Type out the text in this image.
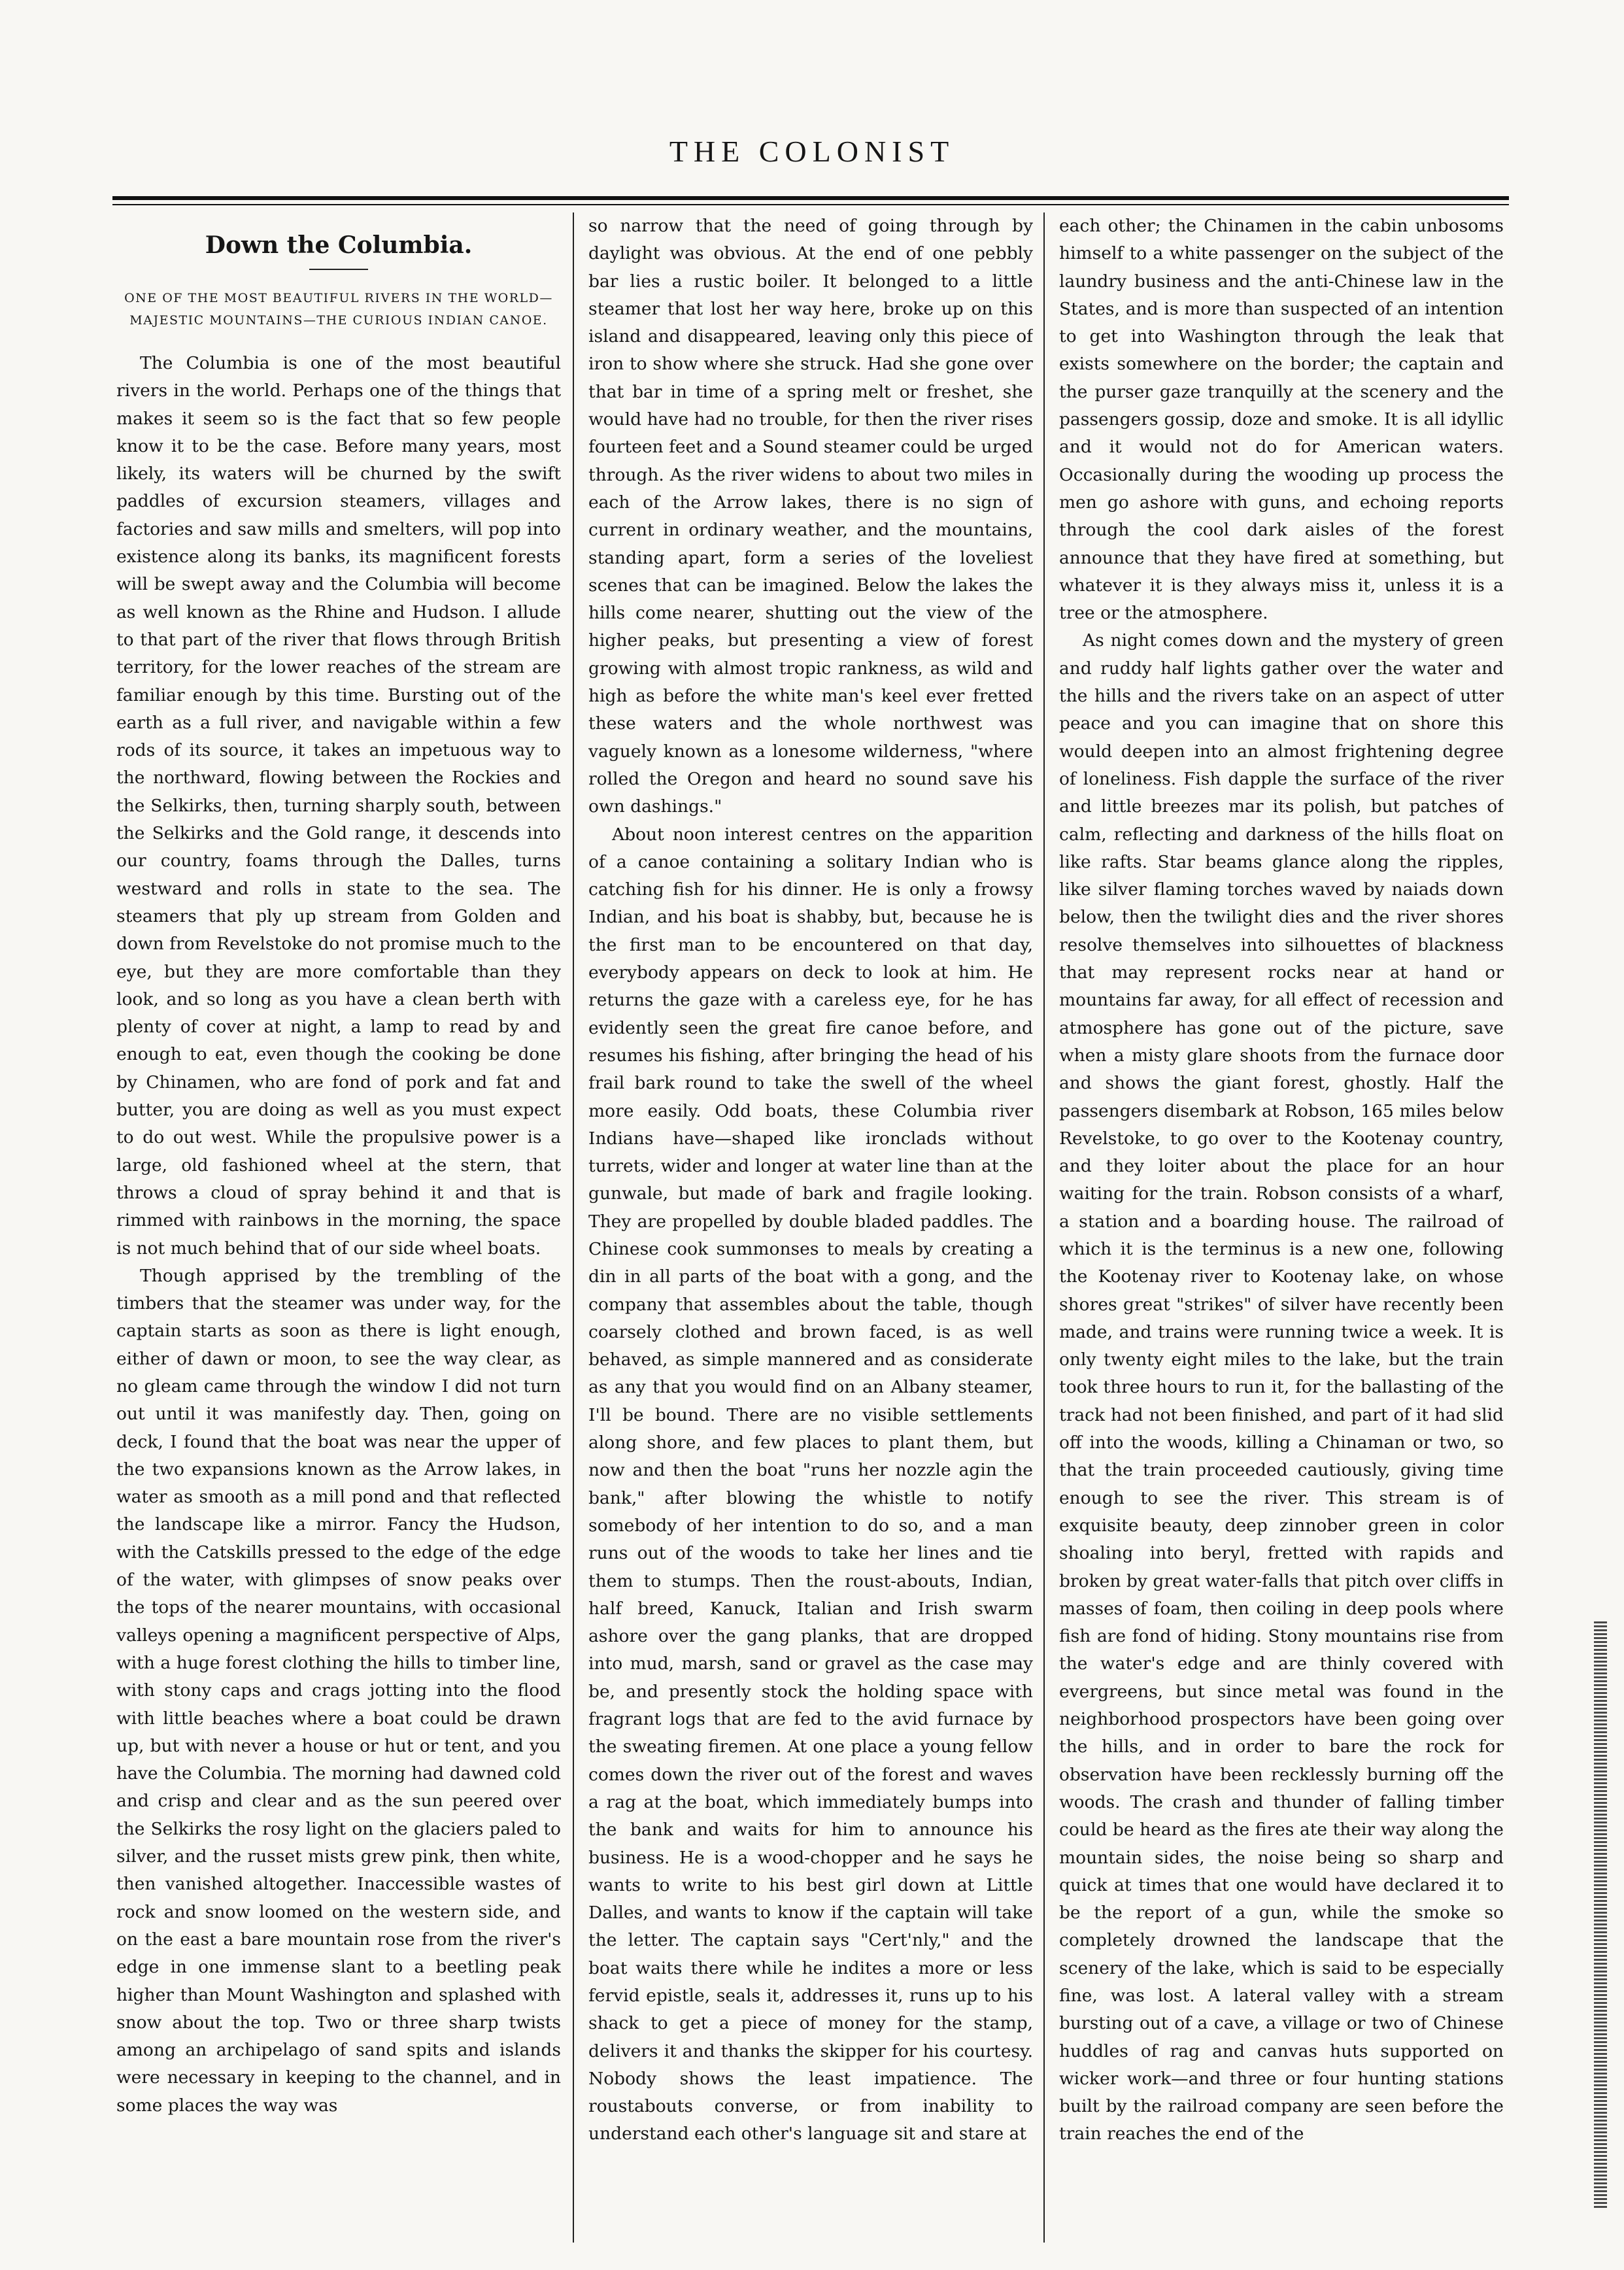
THE COLONIST
Down the Columbia.
ONE OF THE MOST BEAUTIFUL RIVERS IN THE WORLD—MAJESTIC MOUNTAINS—THE CURIOUS INDIAN CANOE.

The Columbia is one of the most beautiful rivers in the world. Perhaps one of the things that makes it seem so is the fact that so few people know it to be the case. Before many years, most likely, its waters will be churned by the swift paddles of excursion steamers, villages and factories and saw mills and smelters, will pop into existence along its banks, its magnificent forests will be swept away and the Columbia will become as well known as the Rhine and Hudson. I allude to that part of the river that flows through British territory, for the lower reaches of the stream are familiar enough by this time. Bursting out of the earth as a full river, and navigable within a few rods of its source, it takes an impetuous way to the northward, flowing between the Rockies and the Selkirks, then, turning sharply south, between the Selkirks and the Gold range, it descends into our country, foams through the Dalles, turns westward and rolls in state to the sea. The steamers that ply up stream from Golden and down from Revelstoke do not promise much to the eye, but they are more comfortable than they look, and so long as you have a clean berth with plenty of cover at night, a lamp to read by and enough to eat, even though the cooking be done by Chinamen, who are fond of pork and fat and butter, you are doing as well as you must expect to do out west. While the propulsive power is a large, old fashioned wheel at the stern, that throws a cloud of spray behind it and that is rimmed with rainbows in the morning, the space is not much behind that of our side wheel boats.

Though apprised by the trembling of the timbers that the steamer was under way, for the captain starts as soon as there is light enough, either of dawn or moon, to see the way clear, as no gleam came through the window I did not turn out until it was manifestly day. Then, going on deck, I found that the boat was near the upper of the two expansions known as the Arrow lakes, in water as smooth as a mill pond and that reflected the landscape like a mirror. Fancy the Hudson, with the Catskills pressed to the edge of the edge of the water, with glimpses of snow peaks over the tops of the nearer mountains, with occasional valleys opening a magnificent perspective of Alps, with a huge forest clothing the hills to timber line, with stony caps and crags jotting into the flood with little beaches where a boat could be drawn up, but with never a house or hut or tent, and you have the Columbia. The morning had dawned cold and crisp and clear and as the sun peered over the Selkirks the rosy light on the glaciers paled to silver, and the russet mists grew pink, then white, then vanished altogether. Inaccessible wastes of rock and snow loomed on the western side, and on the east a bare mountain rose from the river's edge in one immense slant to a beetling peak higher than Mount Washington and splashed with snow about the top. Two or three sharp twists among an archipelago of sand spits and islands were necessary in keeping to the channel, and in some places the way was

so narrow that the need of going through by daylight was obvious. At the end of one pebbly bar lies a rustic boiler. It belonged to a little steamer that lost her way here, broke up on this island and disappeared, leaving only this piece of iron to show where she struck. Had she gone over that bar in time of a spring melt or freshet, she would have had no trouble, for then the river rises fourteen feet and a Sound steamer could be urged through. As the river widens to about two miles in each of the Arrow lakes, there is no sign of current in ordinary weather, and the mountains, standing apart, form a series of the loveliest scenes that can be imagined. Below the lakes the hills come nearer, shutting out the view of the higher peaks, but presenting a view of forest growing with almost tropic rankness, as wild and high as before the white man's keel ever fretted these waters and the whole northwest was vaguely known as a lonesome wilderness, "where rolled the Oregon and heard no sound save his own dashings."

About noon interest centres on the apparition of a canoe containing a solitary Indian who is catching fish for his dinner. He is only a frowsy Indian, and his boat is shabby, but, because he is the first man to be encountered on that day, everybody appears on deck to look at him. He returns the gaze with a careless eye, for he has evidently seen the great fire canoe before, and resumes his fishing, after bringing the head of his frail bark round to take the swell of the wheel more easily. Odd boats, these Columbia river Indians have—shaped like ironclads without turrets, wider and longer at water line than at the gunwale, but made of bark and fragile looking. They are propelled by double bladed paddles. The Chinese cook summonses to meals by creating a din in all parts of the boat with a gong, and the company that assembles about the table, though coarsely clothed and brown faced, is as well behaved, as simple mannered and as considerate as any that you would find on an Albany steamer, I'll be bound. There are no visible settlements along shore, and few places to plant them, but now and then the boat "runs her nozzle agin the bank," after blowing the whistle to notify somebody of her intention to do so, and a man runs out of the woods to take her lines and tie them to stumps. Then the roust-abouts, Indian, half breed, Kanuck, Italian and Irish swarm ashore over the gang planks, that are dropped into mud, marsh, sand or gravel as the case may be, and presently stock the holding space with fragrant logs that are fed to the avid furnace by the sweating firemen. At one place a young fellow comes down the river out of the forest and waves a rag at the boat, which immediately bumps into the bank and waits for him to announce his business. He is a wood-chopper and he says he wants to write to his best girl down at Little Dalles, and wants to know if the captain will take the letter. The captain says "Cert'nly," and the boat waits there while he indites a more or less fervid epistle, seals it, addresses it, runs up to his shack to get a piece of money for the stamp, delivers it and thanks the skipper for his courtesy. Nobody shows the least impatience. The roustabouts converse, or from inability to understand each other's language sit and stare at

each other; the Chinamen in the cabin unbosoms himself to a white passenger on the subject of the laundry business and the anti-Chinese law in the States, and is more than suspected of an intention to get into Washington through the leak that exists somewhere on the border; the captain and the purser gaze tranquilly at the scenery and the passengers gossip, doze and smoke. It is all idyllic and it would not do for American waters. Occasionally during the wooding up process the men go ashore with guns, and echoing reports through the cool dark aisles of the forest announce that they have fired at something, but whatever it is they always miss it, unless it is a tree or the atmosphere.

As night comes down and the mystery of green and ruddy half lights gather over the water and the hills and the rivers take on an aspect of utter peace and you can imagine that on shore this would deepen into an almost frightening degree of loneliness. Fish dapple the surface of the river and little breezes mar its polish, but patches of calm, reflecting and darkness of the hills float on like rafts. Star beams glance along the ripples, like silver flaming torches waved by naiads down below, then the twilight dies and the river shores resolve themselves into silhouettes of blackness that may represent rocks near at hand or mountains far away, for all effect of recession and atmosphere has gone out of the picture, save when a misty glare shoots from the furnace door and shows the giant forest, ghostly. Half the passengers disembark at Robson, 165 miles below Revelstoke, to go over to the Kootenay country, and they loiter about the place for an hour waiting for the train. Robson consists of a wharf, a station and a boarding house. The railroad of which it is the terminus is a new one, following the Kootenay river to Kootenay lake, on whose shores great "strikes" of silver have recently been made, and trains were running twice a week. It is only twenty eight miles to the lake, but the train took three hours to run it, for the ballasting of the track had not been finished, and part of it had slid off into the woods, killing a Chinaman or two, so that the train proceeded cautiously, giving time enough to see the river. This stream is of exquisite beauty, deep zinnober green in color shoaling into beryl, fretted with rapids and broken by great water-falls that pitch over cliffs in masses of foam, then coiling in deep pools where fish are fond of hiding. Stony mountains rise from the water's edge and are thinly covered with evergreens, but since metal was found in the neighborhood prospectors have been going over the hills, and in order to bare the rock for observation have been recklessly burning off the woods. The crash and thunder of falling timber could be heard as the fires ate their way along the mountain sides, the noise being so sharp and quick at times that one would have declared it to be the report of a gun, while the smoke so completely drowned the landscape that the scenery of the lake, which is said to be especially fine, was lost. A lateral valley with a stream bursting out of a cave, a village or two of Chinese huddles of rag and canvas huts supported on wicker work—and three or four hunting stations built by the railroad company are seen before the train reaches the end of the
